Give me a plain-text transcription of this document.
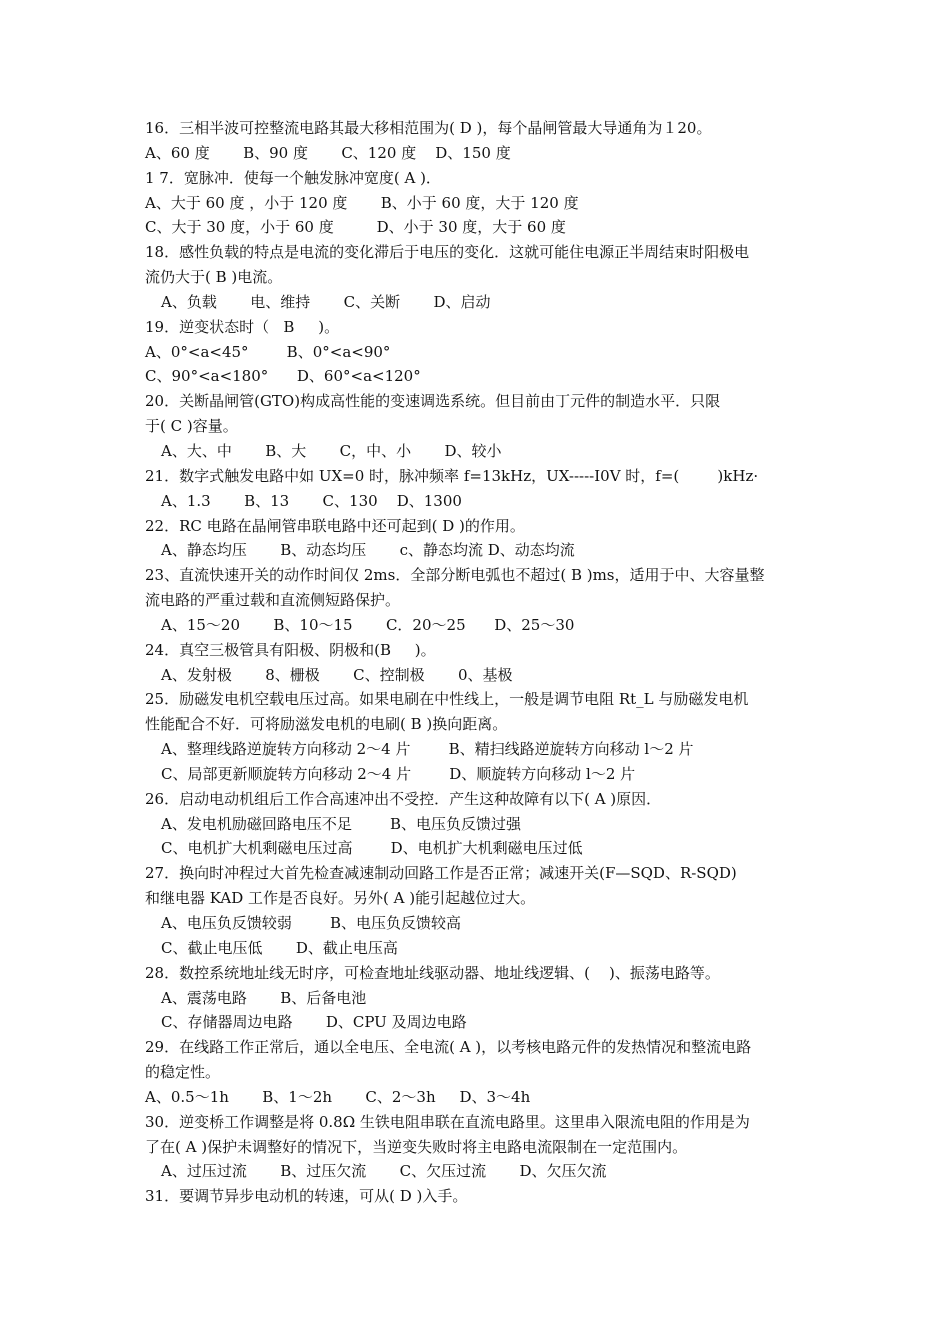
16．三相半波可控整流电路其最大移相范围为( D )，每个晶闸管最大导通角为１20。
A、60 度       B、90 度       C、120 度    D、150 度
1 7．宽脉冲．使每一个触发脉冲宽度( A )．
A、大于 60 度 ，小于 120 度       B、小于 60 度，大于 120 度
C、大于 30 度，小于 60 度         D、小于 30 度，大于 60 度
18．感性负载的特点是电流的变化滞后于电压的变化．这就可能住电源正半周结束时阳极电
流仍大于( B )电流。
A、负载       电、维持       C、关断       D、启动
19．逆变状态时（   B     )。
A、0°<a<45°        B、0°<a<90°
C、90°<a<180°      D、60°<a<120°
20．关断晶闸管(GTO)构成高性能的变速调选系统。但目前由丁元件的制造水平．只限
于( C )容量。
A、大、中       B、大       C，中、小       D、较小
21．数字式触发电路中如 UX=0 时，脉冲频率 f=13kHz，UX-----I0V 时，f=(        )kHz·
A、1.3       B、13       C、130    D、1300
22．RC 电路在晶闸管串联电路中还可起到( D )的作用。
A、静态均压       B、动态均压       c、静态均流 D、动态均流
23、直流快速开关的动作时间仅 2ms．全部分断电弧也不超过( B )ms，适用于中、大容量整
流电路的严重过载和直流侧短路保护。
A、15～20       B、10～15       C．20～25      D、25～30
24．真空三极管具有阳极、阴极和(B     )。
A、发射极       8、栅极       C、控制极       0、基极
25．励磁发电机空载电压过高。如果电刷在中性线上，一般是调节电阻 Rt_L 与励磁发电机
性能配合不好．可将励滋发电机的电刷( B )换向距离。
A、整理线路逆旋转方向移动 2～4 片        B、精扫线路逆旋转方向移动 l～2 片
C、局部更新顺旋转方向移动 2～4 片        D、顺旋转方向移动 l～2 片
26．启动电动机组后工作合高速冲出不受控．产生这种故障有以下( A )原因．
A、发电机励磁回路电压不足        B、电压负反馈过强
C、电机扩大机剩磁电压过高        D、电机扩大机剩磁电压过低
27．换向时冲程过大首先检查减速制动回路工作是否正常；减速开关(F—SQD、R-SQD)
和继电器 KAD 工作是否良好。另外( A )能引起越位过大。
A、电压负反馈较弱        B、电压负反馈较高
C、截止电压低       D、截止电压高
28．数控系统地址线无时序，可检查地址线驱动器、地址线逻辑、(    )、振荡电路等。
A、震荡电路       B、后备电池
C、存储器周边电路       D、CPU 及周边电路
29．在线路工作正常后，通以全电压、全电流( A )，以考核电路元件的发热情况和整流电路
的稳定性。
A、0.5～1h       B、1～2h       C、2～3h     D、3～4h
30．逆变桥工作调整是将 0.8Ω 生铁电阻串联在直流电路里。这里串入限流电阻的作用是为
了在( A )保护未调整好的情况下，当逆变失败时将主电路电流限制在一定范围内。
A、过压过流       B、过压欠流       C、欠压过流       D、欠压欠流
31．要调节异步电动机的转速，可从( D )入手。
